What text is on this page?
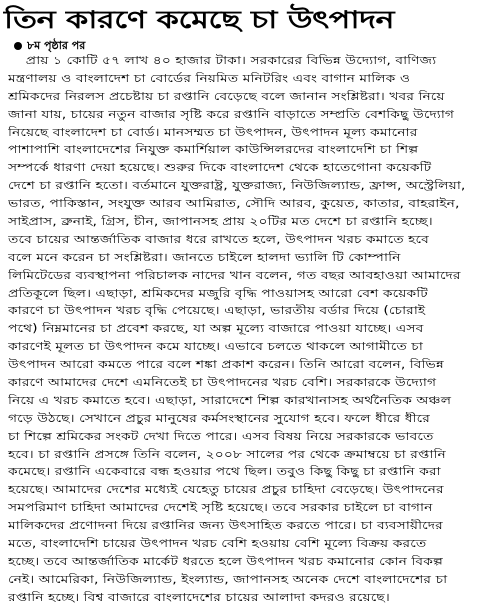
তিন কারণে কমেছে চা উৎপাদন
৮ম পৃষ্ঠার পর
প্রায় ১ কোটি ৫৭ লাখ ৪০ হাজার টাকা। সরকারের বিভিন্ন উদ্যোগ, বাণিজ্য
মন্ত্রণালয় ও বাংলাদেশ চা বোর্ডের নিয়মিত মনিটরিং এবং বাগান মালিক ও
শ্রমিকদের নিরলস প্রচেষ্টায় চা রপ্তানি বেড়েছে বলে জানান সংশ্লিষ্টরা। খবর নিয়ে
জানা যায়, চায়ের নতুন বাজার সৃষ্টি করে রপ্তানি বাড়াতে সম্প্রতি বেশকিছু উদ্যোগ
নিয়েছে বাংলাদেশ চা বোর্ড। মানসম্মত চা উৎপাদন, উৎপাদন মূল্য কমানোর
পাশাপাশি বাংলাদেশের নিযুক্ত কমার্শিয়াল কাউন্সিলরদের বাংলাদেশি চা শিল্প
সম্পর্কে ধারণা দেয়া হয়েছে। শুরুর দিকে বাংলাদেশ থেকে হাতেগোনা কয়েকটি
দেশে চা রপ্তানি হতো। বর্তমানে যুক্তরাষ্ট্র, যুক্তরাজ্য, নিউজিল্যান্ড, ফ্রান্স, অস্ট্রেলিয়া,
ভারত, পাকিস্তান, সংযুক্ত আরব আমিরাত, সৌদি আরব, কুয়েত, কাতার, বাহরাইন,
সাইপ্রাস, ব্রুনাই, গ্রিস, চীন, জাপানসহ প্রায় ২০টির মত দেশে চা রপ্তানি হচ্ছে।
তবে চায়ের আন্তর্জাতিক বাজার ধরে রাখতে হলে, উৎপাদন খরচ কমাতে হবে
বলে মনে করেন চা সংশ্লিষ্টরা। জানতে চাইলে হালদা ভ্যালি টি কোম্পানি
লিমিটেডের ব্যবস্থাপনা পরিচালক নাদের খান বলেন, গত বছর আবহাওয়া আমাদের
প্রতিকূলে ছিল। এছাড়া, শ্রমিকদের মজুরি বৃদ্ধি পাওয়াসহ আরো বেশ কয়েকটি
কারণে চা উৎপাদন খরচ বৃদ্ধি পেয়েছে। এছাড়া, ভারতীয় বর্ডার দিয়ে (চোরাই
পথে) নিম্নমানের চা প্রবেশ করছে, যা অল্প মূল্যে বাজারে পাওয়া যাচ্ছে। এসব
কারণেই মূলত চা উৎপাদন কমে যাচ্ছে। এভাবে চলতে থাকলে আগামীতে চা
উৎপাদন আরো কমতে পারে বলে শঙ্কা প্রকাশ করেন। তিনি আরো বলেন, বিভিন্ন
কারণে আমাদের দেশে এমনিতেই চা উৎপাদনের খরচ বেশি। সরকারকে উদ্যোগ
নিয়ে এ খরচ কমাতে হবে। এছাড়া, সারাদেশে শিল্প কারখানাসহ অর্থনৈতিক অঞ্চল
গড়ে উঠছে। সেখানে প্রচুর মানুষের কর্মসংস্থানের সুযোগ হবে। ফলে ধীরে ধীরে
চা শিল্পে শ্রমিকের সংকট দেখা দিতে পারে। এসব বিষয় নিয়ে সরকারকে ভাবতে
হবে। চা রপ্তানি প্রসঙ্গে তিনি বলেন, ২০০৮ সালের পর থেকে ক্রমাম্বয়ে চা রপ্তানি
কমেছে। রপ্তানি একেবারে বন্ধ হওয়ার পথে ছিল। তবুও কিছু কিছু চা রপ্তানি করা
হয়েছে। আমাদের দেশের মধ্যেই যেহেতু চায়ের প্রচুর চাহিদা বেড়েছে। উৎপাদনের
সমপরিমাণ চাহিদা আমাদের দেশেই সৃষ্টি হয়েছে। তবে সরকার চাইলে চা বাগান
মালিকদের প্রণোদনা দিয়ে রপ্তানির জন্য উৎসাহিত করতে পারে। চা ব্যবসায়ীদের
মতে, বাংলাদেশি চায়ের উৎপাদন খরচ বেশি হওয়ায় বেশি মূল্যে বিক্রয় করতে
হচ্ছে। তবে আন্তর্জাতিক মার্কেট ধরতে হলে উৎপাদন খরচ কমানোর কোন বিকল্প
নেই। আমেরিকা, নিউজিল্যান্ড, ইংল্যান্ড, জাপানসহ অনেক দেশে বাংলাদেশের চা
রপ্তানি হচ্ছে। বিশ্ব বাজারে বাংলাদেশের চায়ের আলাদা কদরও রয়েছে।
